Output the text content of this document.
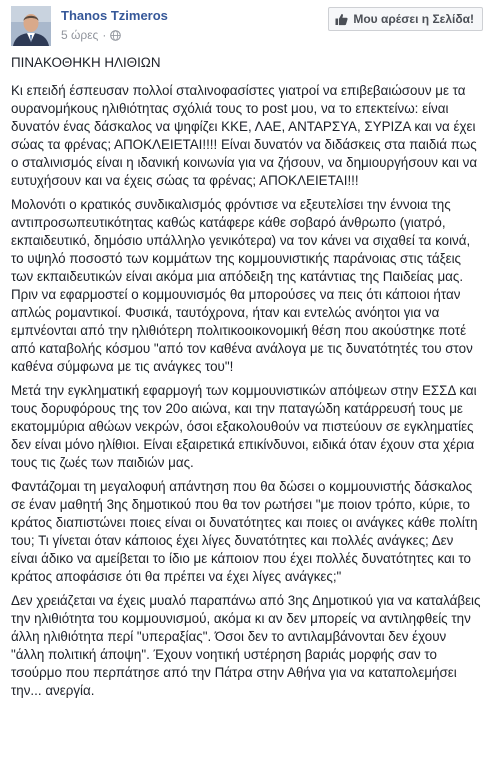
Thanos Tzimeros
5 ώρες ·
Μου αρέσει η Σελίδα!

ΠΙΝΑΚΟΘΗΚΗ ΗΛΙΘΙΩΝ

Κι επειδή έσπευσαν πολλοί σταλινοφασίστες γιατροί να επιβεβαιώσουν με τα ουρανομήκους ηλιθιότητας σχόλιά τους το post μου, να το επεκτείνω: είναι δυνατόν ένας δάσκαλος να ψηφίζει ΚΚΕ, ΛΑΕ, ΑΝΤΑΡΣΥΑ, ΣΥΡΙΖΑ και να έχει σώας τα φρένας; ΑΠΟΚΛΕΙΕΤΑΙ!!!! Είναι δυνατόν να διδάσκεις στα παιδιά πως ο σταλινισμός είναι η ιδανική κοινωνία για να ζήσουν, να δημιουργήσουν και να ευτυχήσουν και να έχεις σώας τα φρένας; ΑΠΟΚΛΕΙΕΤΑΙ!!!

Μολονότι ο κρατικός συνδικαλισμός φρόντισε να εξευτελίσει την έννοια της αντιπροσωπευτικότητας καθώς κατάφερε κάθε σοβαρό άνθρωπο (γιατρό, εκπαιδευτικό, δημόσιο υπάλληλο γενικότερα) να τον κάνει να σιχαθεί τα κοινά, το υψηλό ποσοστό των κομμάτων της κομμουνιστικής παράνοιας στις τάξεις των εκπαιδευτικών είναι ακόμα μια απόδειξη της κατάντιας της Παιδείας μας. Πριν να εφαρμοστεί ο κομμουνισμός θα μπορούσες να πεις ότι κάποιοι ήταν απλώς ρομαντικοί. Φυσικά, ταυτόχρονα, ήταν και εντελώς ανόητοι για να εμπνέονται από την ηλιθιότερη πολιτικοοικονομική θέση που ακούστηκε ποτέ από καταβολής κόσμου "από τον καθένα ανάλογα με τις δυνατότητές του στον καθένα σύμφωνα με τις ανάγκες του"!

Μετά την εγκληματική εφαρμογή των κομμουνιστικών απόψεων στην ΕΣΣΔ και τους δορυφόρους της τον 20ο αιώνα, και την παταγώδη κατάρρευσή τους με εκατομμύρια αθώων νεκρών, όσοι εξακολουθούν να πιστεύουν σε εγκληματίες δεν είναι μόνο ηλίθιοι. Είναι εξαιρετικά επικίνδυνοι, ειδικά όταν έχουν στα χέρια τους τις ζωές των παιδιών μας.

Φαντάζομαι τη μεγαλοφυή απάντηση που θα δώσει ο κομμουνιστής δάσκαλος σε έναν μαθητή 3ης δημοτικού που θα τον ρωτήσει "με ποιον τρόπο, κύριε, το κράτος διαπιστώνει ποιες είναι οι δυνατότητες και ποιες οι ανάγκες κάθε πολίτη του; Τι γίνεται όταν κάποιος έχει λίγες δυνατότητες και πολλές ανάγκες; Δεν είναι άδικο να αμείβεται το ίδιο με κάποιον που έχει πολλές δυνατότητες και το κράτος αποφάσισε ότι θα πρέπει να έχει λίγες ανάγκες;"

Δεν χρειάζεται να έχεις μυαλό παραπάνω από 3ης Δημοτικού για να καταλάβεις την ηλιθιότητα του κομμουνισμού, ακόμα κι αν δεν μπορείς να αντιληφθείς την άλλη ηλιθιότητα περί "υπεραξίας". Όσοι δεν το αντιλαμβάνονται δεν έχουν "άλλη πολιτική άποψη". Έχουν νοητική υστέρηση βαριάς μορφής σαν το τσούρμο που περπάτησε από την Πάτρα στην Αθήνα για να καταπολεμήσει την... ανεργία.
